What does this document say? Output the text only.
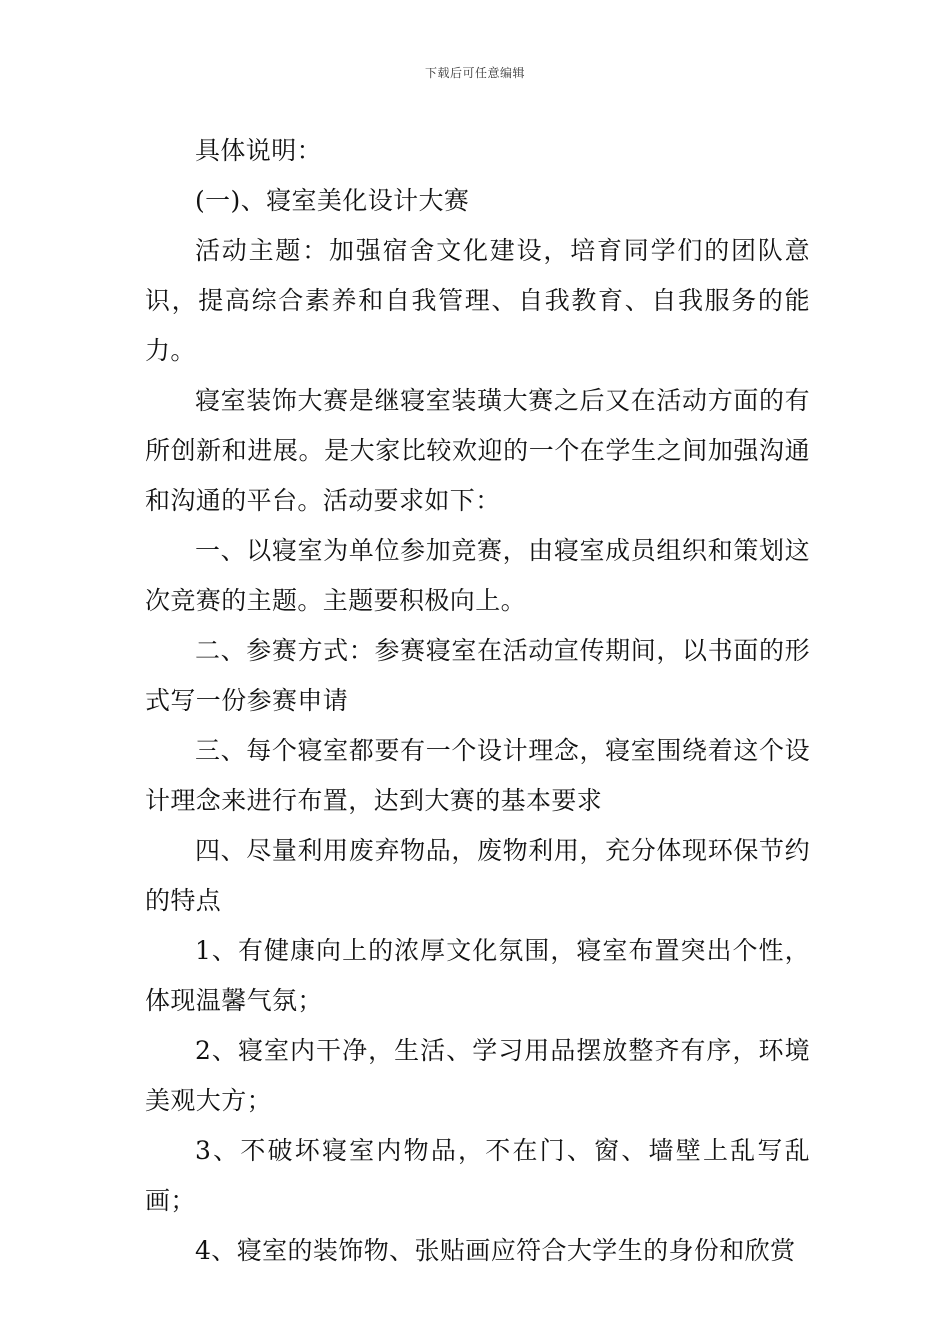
下载后可任意编辑

具体说明：

(一)、寝室美化设计大赛

活动主题：加强宿舍文化建设，培育同学们的团队意识，提高综合素养和自我管理、自我教育、自我服务的能力。

寝室装饰大赛是继寝室装璜大赛之后又在活动方面的有所创新和进展。是大家比较欢迎的一个在学生之间加强沟通和沟通的平台。活动要求如下：

一、以寝室为单位参加竞赛，由寝室成员组织和策划这次竞赛的主题。主题要积极向上。

二、参赛方式：参赛寝室在活动宣传期间，以书面的形式写一份参赛申请

三、每个寝室都要有一个设计理念，寝室围绕着这个设计理念来进行布置，达到大赛的基本要求

四、尽量利用废弃物品，废物利用，充分体现环保节约的特点

1、有健康向上的浓厚文化氛围，寝室布置突出个性，体现温馨气氛；

2、寝室内干净，生活、学习用品摆放整齐有序，环境美观大方；

3、不破坏寝室内物品，不在门、窗、墙壁上乱写乱画；

4、寝室的装饰物、张贴画应符合大学生的身份和欣赏
